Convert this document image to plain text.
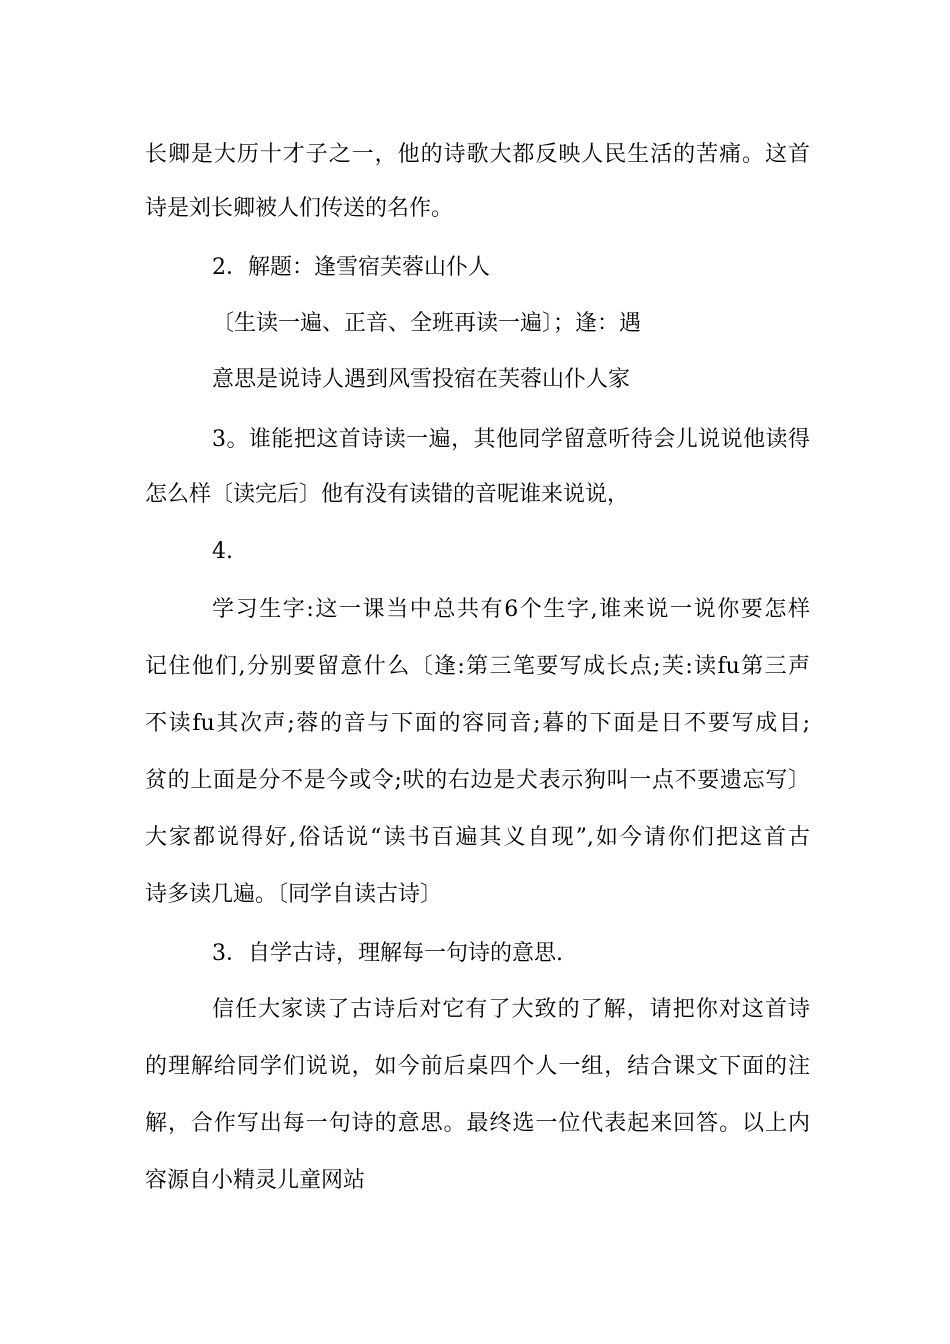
长卿是大历十才子之一，他的诗歌大都反映人民生活的苦痛。这首
诗是刘长卿被人们传送的名作。
2．解题：逢雪宿芙蓉山仆人
〔生读一遍、正音、全班再读一遍〕；逢：遇
意思是说诗人遇到风雪投宿在芙蓉山仆人家
3。谁能把这首诗读一遍，其他同学留意听待会儿说说他读得
怎么样〔读完后〕他有没有读错的音呢谁来说说，
4.
学习生字:这一课当中总共有6个生字,谁来说一说你要怎样
记住他们,分别要留意什么〔逢:第三笔要写成长点;芙:读fu第三声
不读fu其次声;蓉的音与下面的容同音;暮的下面是日不要写成目;
贫的上面是分不是今或令;吠的右边是犬表示狗叫一点不要遗忘写〕
大家都说得好,俗话说“读书百遍其义自现”,如今请你们把这首古
诗多读几遍。〔同学自读古诗〕
3．自学古诗，理解每一句诗的意思.
信任大家读了古诗后对它有了大致的了解，请把你对这首诗
的理解给同学们说说，如今前后桌四个人一组，结合课文下面的注
解，合作写出每一句诗的意思。最终选一位代表起来回答。以上内
容源自小精灵儿童网站
